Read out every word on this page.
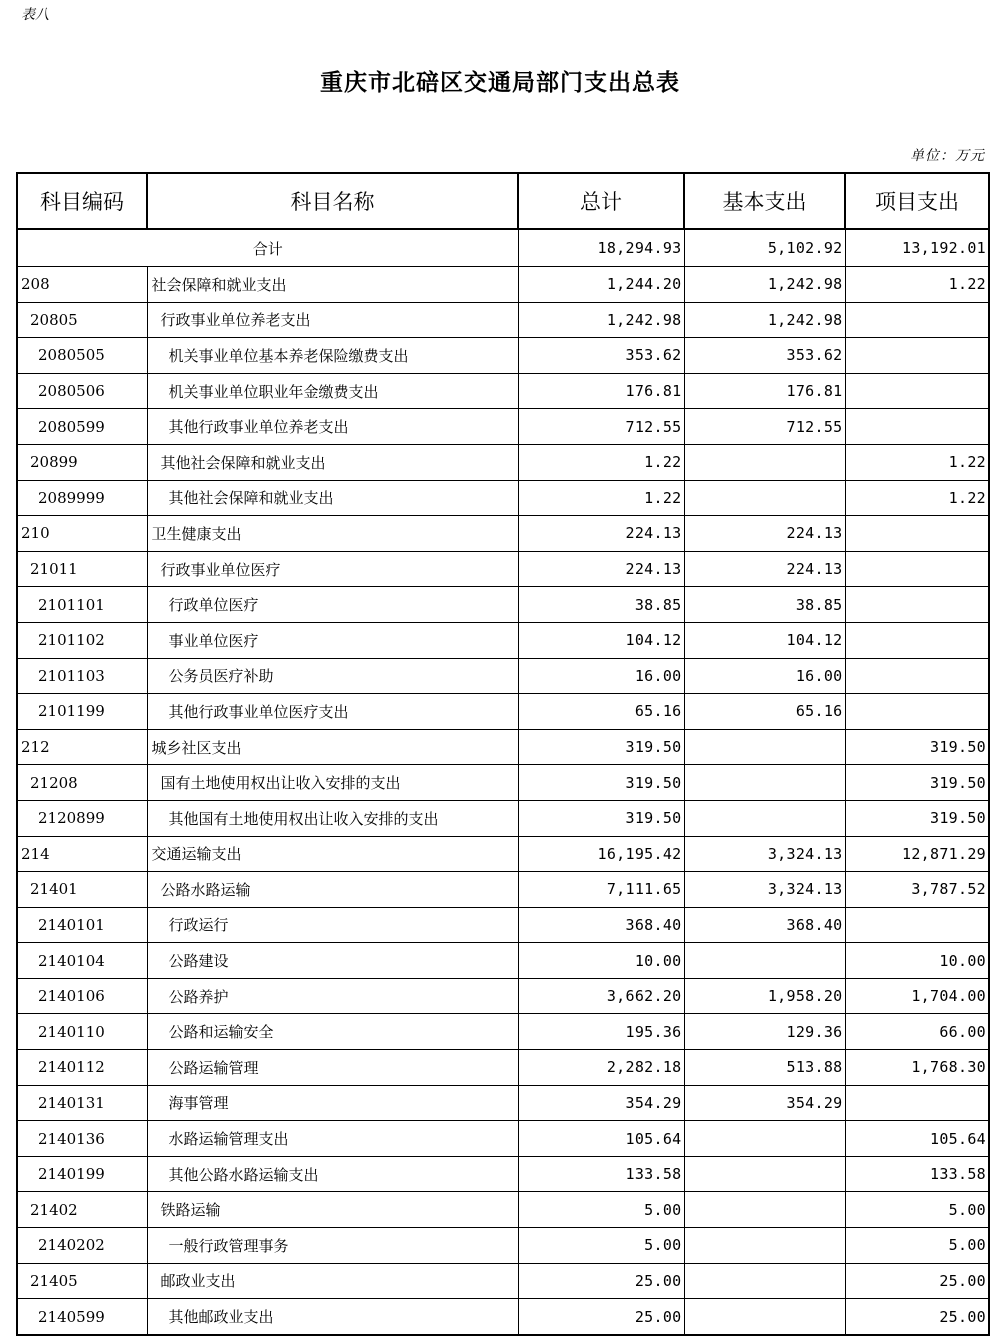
表八
重庆市北碚区交通局部门支出总表
单位：万元
科目编码	科目名称	总计	基本支出	项目支出
合计		18,294.93	5,102.92	13,192.01
208	社会保障和就业支出	1,244.20	1,242.98	1.22
20805	行政事业单位养老支出	1,242.98	1,242.98	
2080505	机关事业单位基本养老保险缴费支出	353.62	353.62	
2080506	机关事业单位职业年金缴费支出	176.81	176.81	
2080599	其他行政事业单位养老支出	712.55	712.55	
20899	其他社会保障和就业支出	1.22		1.22
2089999	其他社会保障和就业支出	1.22		1.22
210	卫生健康支出	224.13	224.13	
21011	行政事业单位医疗	224.13	224.13	
2101101	行政单位医疗	38.85	38.85	
2101102	事业单位医疗	104.12	104.12	
2101103	公务员医疗补助	16.00	16.00	
2101199	其他行政事业单位医疗支出	65.16	65.16	
212	城乡社区支出	319.50		319.50
21208	国有土地使用权出让收入安排的支出	319.50		319.50
2120899	其他国有土地使用权出让收入安排的支出	319.50		319.50
214	交通运输支出	16,195.42	3,324.13	12,871.29
21401	公路水路运输	7,111.65	3,324.13	3,787.52
2140101	行政运行	368.40	368.40	
2140104	公路建设	10.00		10.00
2140106	公路养护	3,662.20	1,958.20	1,704.00
2140110	公路和运输安全	195.36	129.36	66.00
2140112	公路运输管理	2,282.18	513.88	1,768.30
2140131	海事管理	354.29	354.29	
2140136	水路运输管理支出	105.64		105.64
2140199	其他公路水路运输支出	133.58		133.58
21402	铁路运输	5.00		5.00
2140202	一般行政管理事务	5.00		5.00
21405	邮政业支出	25.00		25.00
2140599	其他邮政业支出	25.00		25.00
